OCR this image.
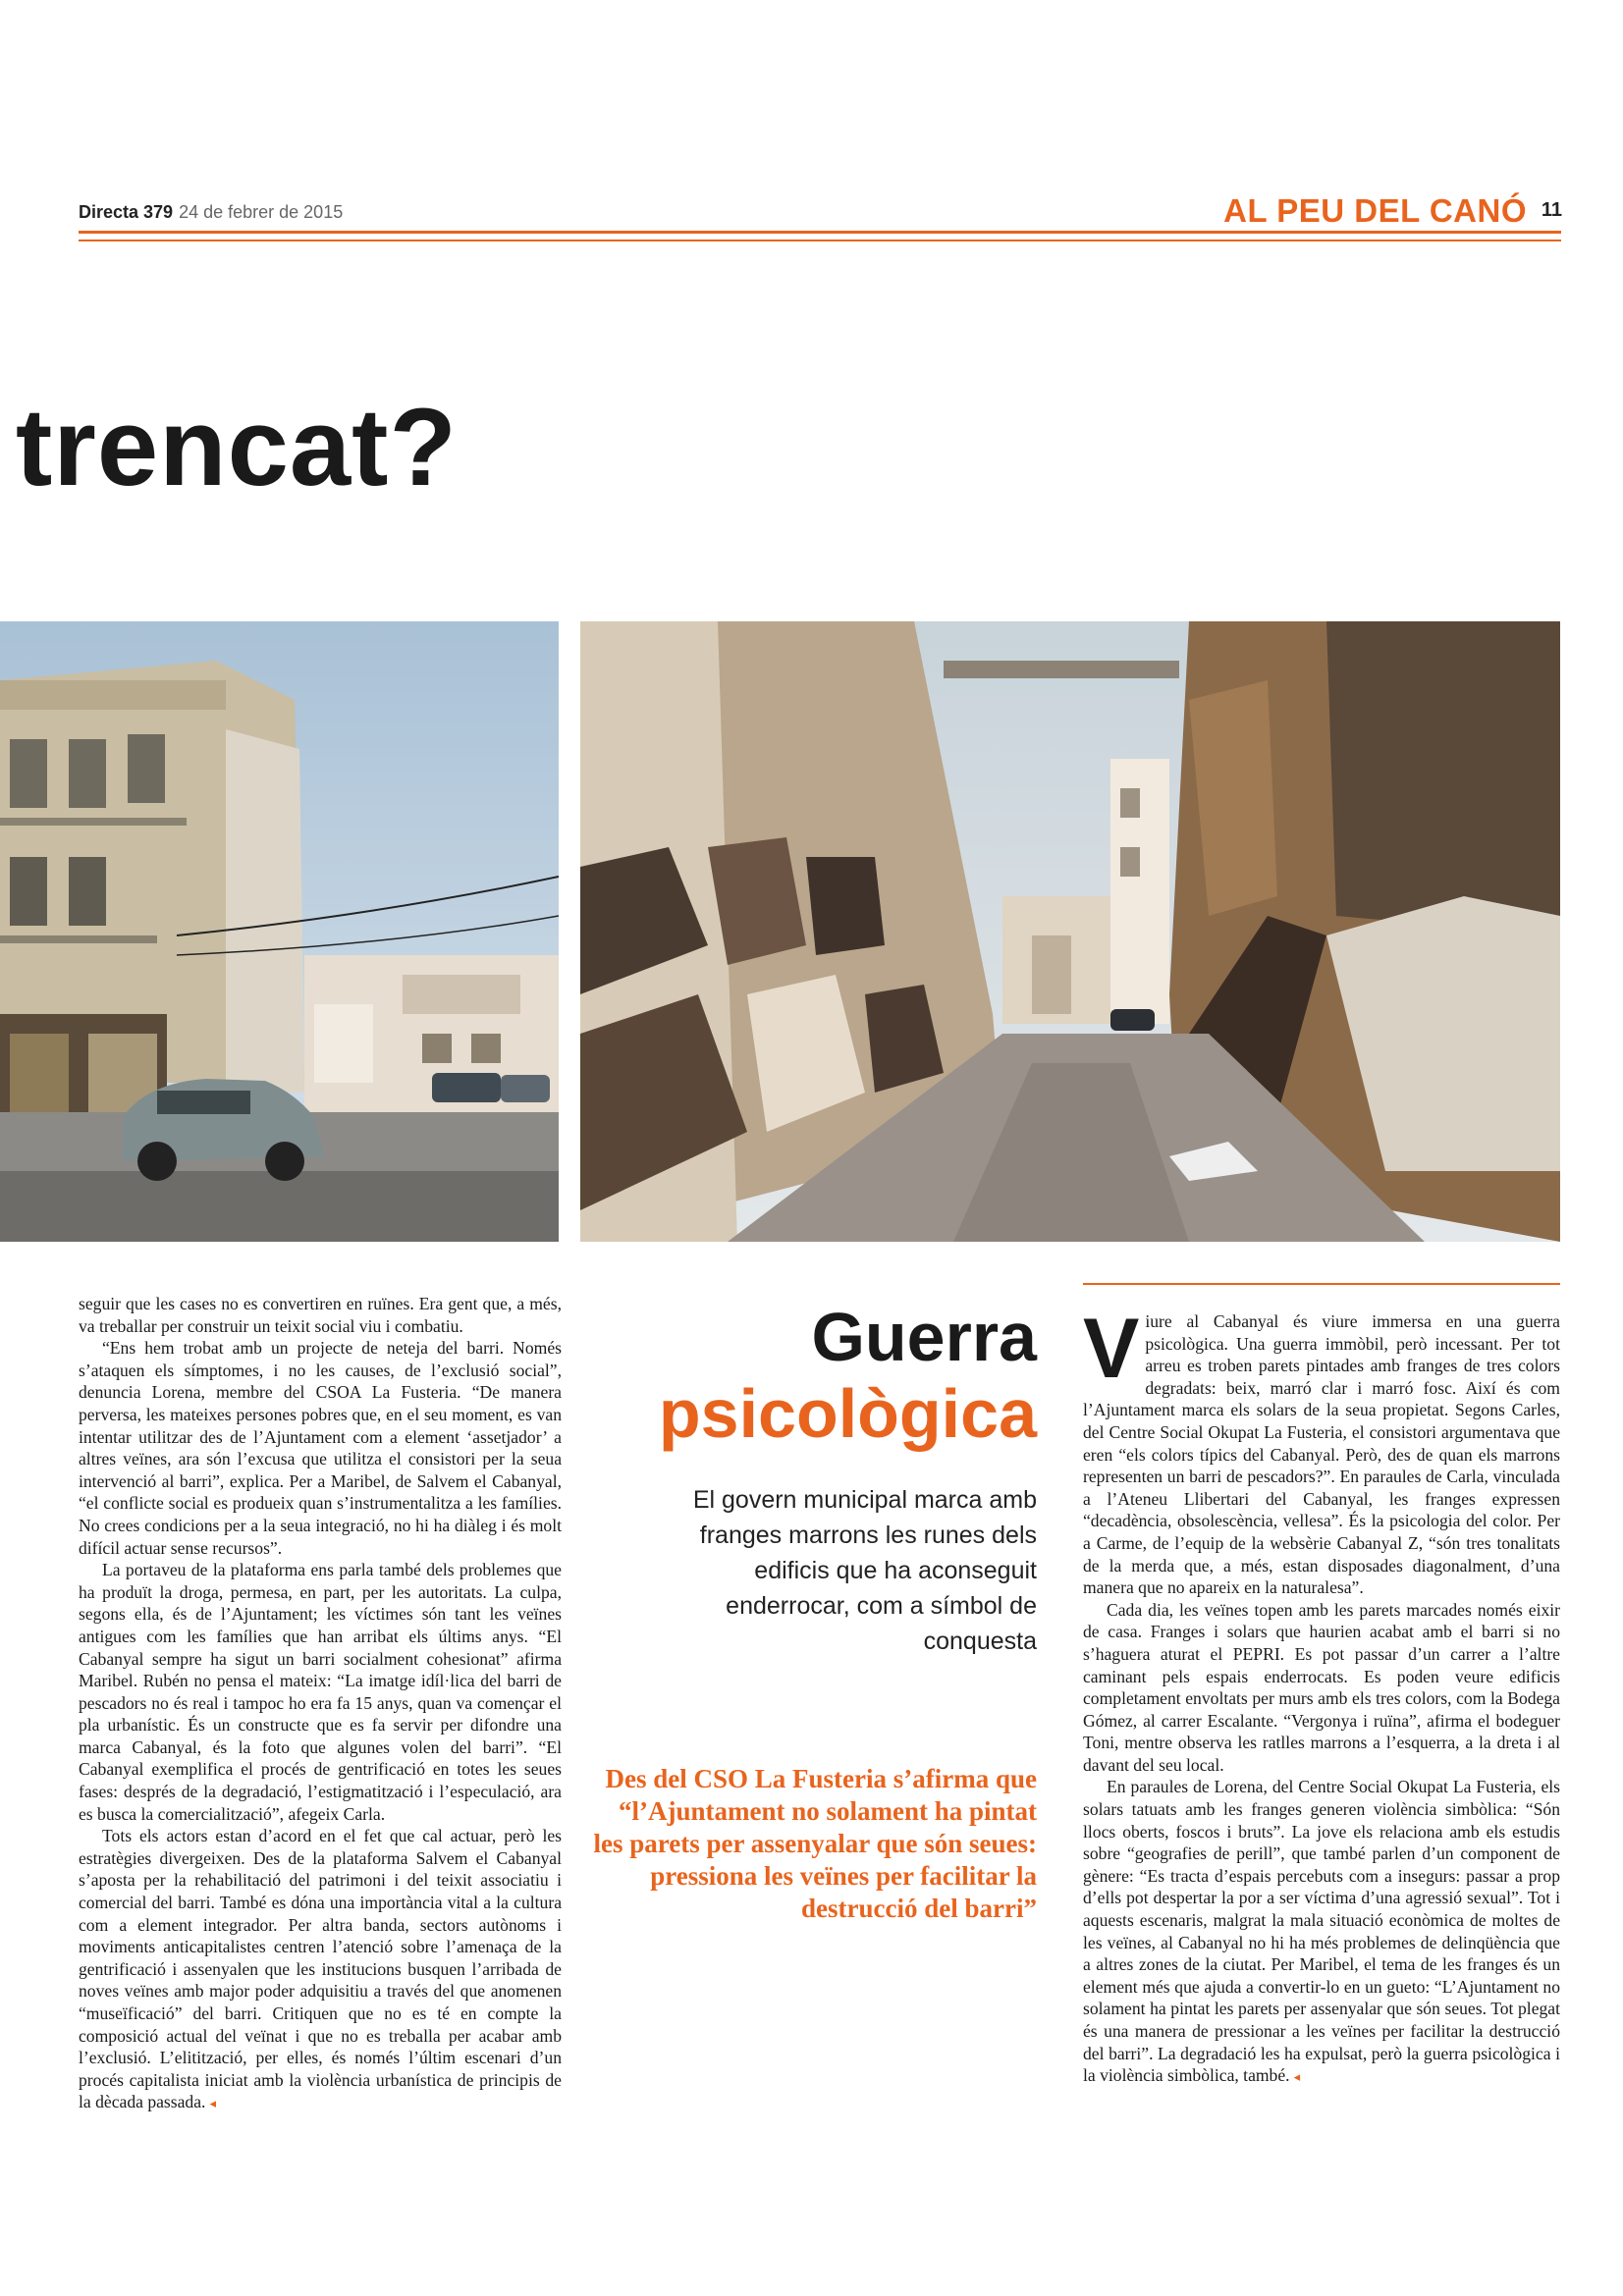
Directa 379 24 de febrer de 2015	AL PEU DEL CANÓ 11
trencat?

seguir que les cases no es convertiren en ruïnes. Era gent que, a més, va treballar per construir un teixit social viu i combatiu.

“Ens hem trobat amb un projecte de neteja del barri. Només s’ataquen els símptomes, i no les causes, de l’exclusió social”, denuncia Lorena, membre del CSOA La Fusteria. “De manera perversa, les mateixes persones pobres que, en el seu moment, es van intentar utilitzar des de l’Ajuntament com a element ‘assetjador’ a altres veïnes, ara són l’excusa que utilitza el consistori per la seua intervenció al barri”, explica. Per a Maribel, de Salvem el Cabanyal, “el conflicte social es produeix quan s’instrumentalitza a les famílies. No crees condicions per a la seua integració, no hi ha diàleg i és molt difícil actuar sense recursos”.

La portaveu de la plataforma ens parla també dels problemes que ha produït la droga, permesa, en part, per les autoritats. La culpa, segons ella, és de l’Ajuntament; les víctimes són tant les veïnes antigues com les famílies que han arribat els últims anys. “El Cabanyal sempre ha sigut un barri socialment cohesionat” afirma Maribel. Rubén no pensa el mateix: “La imatge idíl·lica del barri de pescadors no és real i tampoc ho era fa 15 anys, quan va començar el pla urbanístic. És un constructe que es fa servir per difondre una marca Cabanyal, és la foto que algunes volen del barri”. “El Cabanyal exemplifica el procés de gentrificació en totes les seues fases: després de la degradació, l’estigmatització i l’especulació, ara es busca la comercialització”, afegeix Carla.

Tots els actors estan d’acord en el fet que cal actuar, però les estratègies divergeixen. Des de la plataforma Salvem el Cabanyal s’aposta per la rehabilitació del patrimoni i del teixit associatiu i comercial del barri. També es dóna una importància vital a la cultura com a element integrador. Per altra banda, sectors autònoms i moviments anticapitalistes centren l’atenció sobre l’amenaça de la gentrificació i assenyalen que les institucions busquen l’arribada de noves veïnes amb major poder adquisitiu a través del que anomenen “museïficació” del barri. Critiquen que no es té en compte la composició actual del veïnat i que no es treballa per acabar amb l’exclusió. L’elitització, per elles, és només l’últim escenari d’un procés capitalista iniciat amb la violència urbanística de principis de la dècada passada. ◂

Guerra
psicològica
El govern municipal marca amb franges marrons les runes dels edificis que ha aconseguit enderrocar, com a símbol de conquesta
Des del CSO La Fusteria s’afirma que “l’Ajuntament no solament ha pintat les parets per assenyalar que són seues: pressiona les veïnes per facilitar la destrucció del barri”

Viure al Cabanyal és viure immersa en una guerra psicològica. Una guerra immòbil, però incessant. Per tot arreu es troben parets pintades amb franges de tres colors degradats: beix, marró clar i marró fosc. Així és com l’Ajuntament marca els solars de la seua propietat. Segons Carles, del Centre Social Okupat La Fusteria, el consistori argumentava que eren “els colors típics del Cabanyal. Però, des de quan els marrons representen un barri de pescadors?”. En paraules de Carla, vinculada a l’Ateneu Llibertari del Cabanyal, les franges expressen “decadència, obsolescència, vellesa”. És la psicologia del color. Per a Carme, de l’equip de la websèrie Cabanyal Z, “són tres tonalitats de la merda que, a més, estan disposades diagonalment, d’una manera que no apareix en la naturalesa”.

Cada dia, les veïnes topen amb les parets marcades només eixir de casa. Franges i solars que haurien acabat amb el barri si no s’haguera aturat el PEPRI. Es pot passar d’un carrer a l’altre caminant pels espais enderrocats. Es poden veure edificis completament envoltats per murs amb els tres colors, com la Bodega Gómez, al carrer Escalante. “Vergonya i ruïna”, afirma el bodeguer Toni, mentre observa les ratlles marrons a l’esquerra, a la dreta i al davant del seu local.

En paraules de Lorena, del Centre Social Okupat La Fusteria, els solars tatuats amb les franges generen violència simbòlica: “Són llocs oberts, foscos i bruts”. La jove els relaciona amb els estudis sobre “geografies de perill”, que també parlen d’un component de gènere: “Es tracta d’espais percebuts com a insegurs: passar a prop d’ells pot despertar la por a ser víctima d’una agressió sexual”. Tot i aquests escenaris, malgrat la mala situació econòmica de moltes de les veïnes, al Cabanyal no hi ha més problemes de delinqüència que a altres zones de la ciutat. Per Maribel, el tema de les franges és un element més que ajuda a convertir-lo en un gueto: “L’Ajuntament no solament ha pintat les parets per assenyalar que són seues. Tot plegat és una manera de pressionar a les veïnes per facilitar la destrucció del barri”. La degradació les ha expulsat, però la guerra psicològica i la violència simbòlica, també. ◂
